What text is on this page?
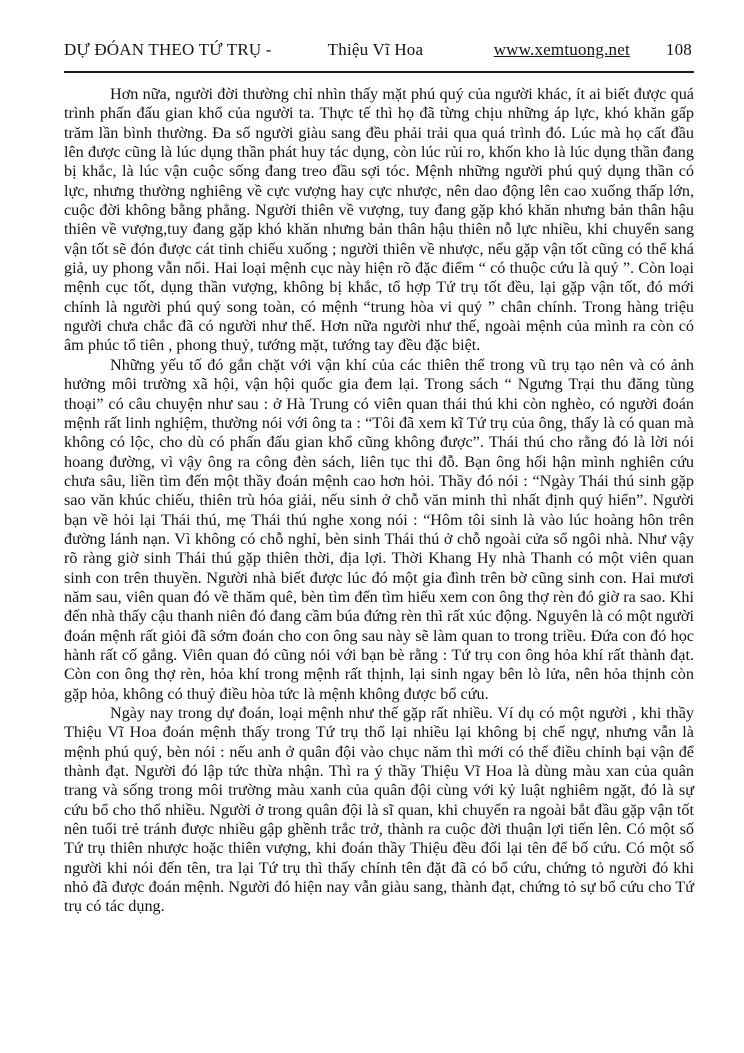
DỰ ĐÓAN THEO TỨ TRỤ -	Thiệu Vĩ Hoa	www.xemtuong.net 108

Hơn nữa, người đời thường chỉ nhìn thấy mặt phú quý của người khác, ít ai biết được quá trình phấn đấu gian khổ của người ta. Thực tế thì họ đã từng chịu những áp lực, khó khăn gấp trăm lần bình thường. Đa số người giàu sang đều phải trải qua quá trình đó. Lúc mà họ cất đầu lên được cũng là lúc dụng thần phát huy tác dụng, còn lúc rủi ro, khốn kho là lúc dụng thần đang bị khắc, là lúc vận cuộc sống đang treo đầu sợi tóc. Mệnh những người phú quý dụng thần có lực, nhưng thường nghiêng về cực vượng hay cực nhược, nên dao động lên cao xuống thấp lớn, cuộc đời không bằng phẳng. Người thiên về vượng, tuy đang gặp khó khăn nhưng bản thân hậu thiên về vượng,tuy đang gặp khó khăn nhưng bản thân hậu thiên nỗ lực nhiều, khi chuyển sang vận tốt sẽ đón được cát tinh chiếu xuống ; người thiên về nhược, nếu gặp vận tốt cũng có thể khá giả, uy phong vẫn nổi. Hai loại mệnh cục này hiện rõ đặc điểm “ có thuộc cứu là quý ”. Còn loại mệnh cục tốt, dụng thần vượng, không bị khắc, tổ hợp Tứ trụ tốt đều, lại gặp vận tốt, đó mới chính là người phú quý song toàn, có mệnh “trung hòa vi quý ” chân chính. Trong hàng triệu người chưa chắc đã có người như thế. Hơn nữa người như thế, ngoài mệnh của mình ra còn có âm phúc tổ tiên , phong thuỷ, tướng mặt, tướng tay đều đặc biệt.

Những yếu tố đó gắn chặt với vận khí của các thiên thể trong vũ trụ tạo nên và có ảnh hưởng môi trường xã hội, vận hội quốc gia đem lại. Trong sách “ Ngưng Trại thu đăng tùng thoại” có câu chuyện như sau : ở Hà Trung có viên quan thái thú khi còn nghèo, có người đoán mệnh rất linh nghiệm, thường nói với ông ta : “Tôi đã xem kĩ Tứ trụ của ông, thấy là có quan mà không có lộc, cho dù có phấn đấu gian khổ cũng không được”. Thái thú cho rằng đó là lời nói hoang đường, vì vậy ông ra công đèn sách, liên tục thi đỗ. Bạn ông hối hận mình nghiên cứu chưa sâu, liền tìm đến một thầy đoán mệnh cao hơn hỏi. Thầy đó nói : “Ngày Thái thú sinh gặp sao văn khúc chiếu, thiên trù hóa giải, nếu sinh ở chỗ văn minh thì nhất định quý hiển”. Người bạn về hỏi lại Thái thú, mẹ Thái thú nghe xong nói : “Hôm tôi sinh là vào lúc hoàng hôn trên đường lánh nạn. Vì không có chỗ nghỉ, bèn sinh Thái thú ở chỗ ngoài cửa sổ ngôi nhà. Như vậy rõ ràng giờ sinh Thái thú gặp thiên thời, địa lợi. Thời Khang Hy nhà Thanh có một viên quan sinh con trên thuyền. Người nhà biết được lúc đó một gia đình trên bờ cũng sinh con. Hai mươi năm sau, viên quan đó về thăm quê, bèn tìm đến tìm hiểu xem con ông thợ rèn đó giờ ra sao. Khi đến nhà thấy cậu thanh niên đó đang cầm búa đứng rèn thì rất xúc động. Nguyên là có một người đoán mệnh rất giỏi đã sớm đoán cho con ông sau này sẽ làm quan to trong triều. Đứa con đó học hành rất cố gắng. Viên quan đó cũng nói với bạn bè rằng : Tứ trụ con ông hỏa khí rất thành đạt. Còn con ông thợ rèn, hỏa khí trong mệnh rất thịnh, lại sinh ngay bên lò lửa, nên hỏa thịnh còn gặp hỏa, không có thuỷ điều hòa tức là mệnh không được bổ cứu.

Ngày nay trong dự đoán, loại mệnh như thế gặp rất nhiều. Ví dụ có một người , khi thầy Thiệu Vĩ Hoa đoán mệnh thấy trong Tứ trụ thổ lại nhiều lại không bị chế ngự, nhưng vẫn là mệnh phú quý, bèn nói : nếu anh ở quân đội vào chục năm thì mới có thể điều chỉnh bại vận để thành đạt. Người đó lập tức thừa nhận. Thì ra ý thầy Thiệu Vĩ Hoa là dùng màu xan của quân trang và sống trong môi trường màu xanh của quân đội cùng với kỷ luật nghiêm ngặt, đó là sự cứu bổ cho thổ nhiều. Người ở trong quân đội là sĩ quan, khi chuyển ra ngoài bắt đầu gặp vận tốt nên tuổi trẻ tránh được nhiều gập ghềnh trắc trở, thành ra cuộc đời thuận lợi tiến lên. Có một số Tứ trụ thiên nhược hoặc thiên vượng, khi đoán thầy Thiệu đều đổi lại tên để bố cứu. Có một số người khi nói đến tên, tra lại Tứ trụ thì thấy chính tên đặt đã có bổ cứu, chứng tỏ người đó khi nhỏ đã được đoán mệnh. Người đó hiện nay vẫn giàu sang, thành đạt, chứng tỏ sự bổ cứu cho Tứ trụ có tác dụng.
